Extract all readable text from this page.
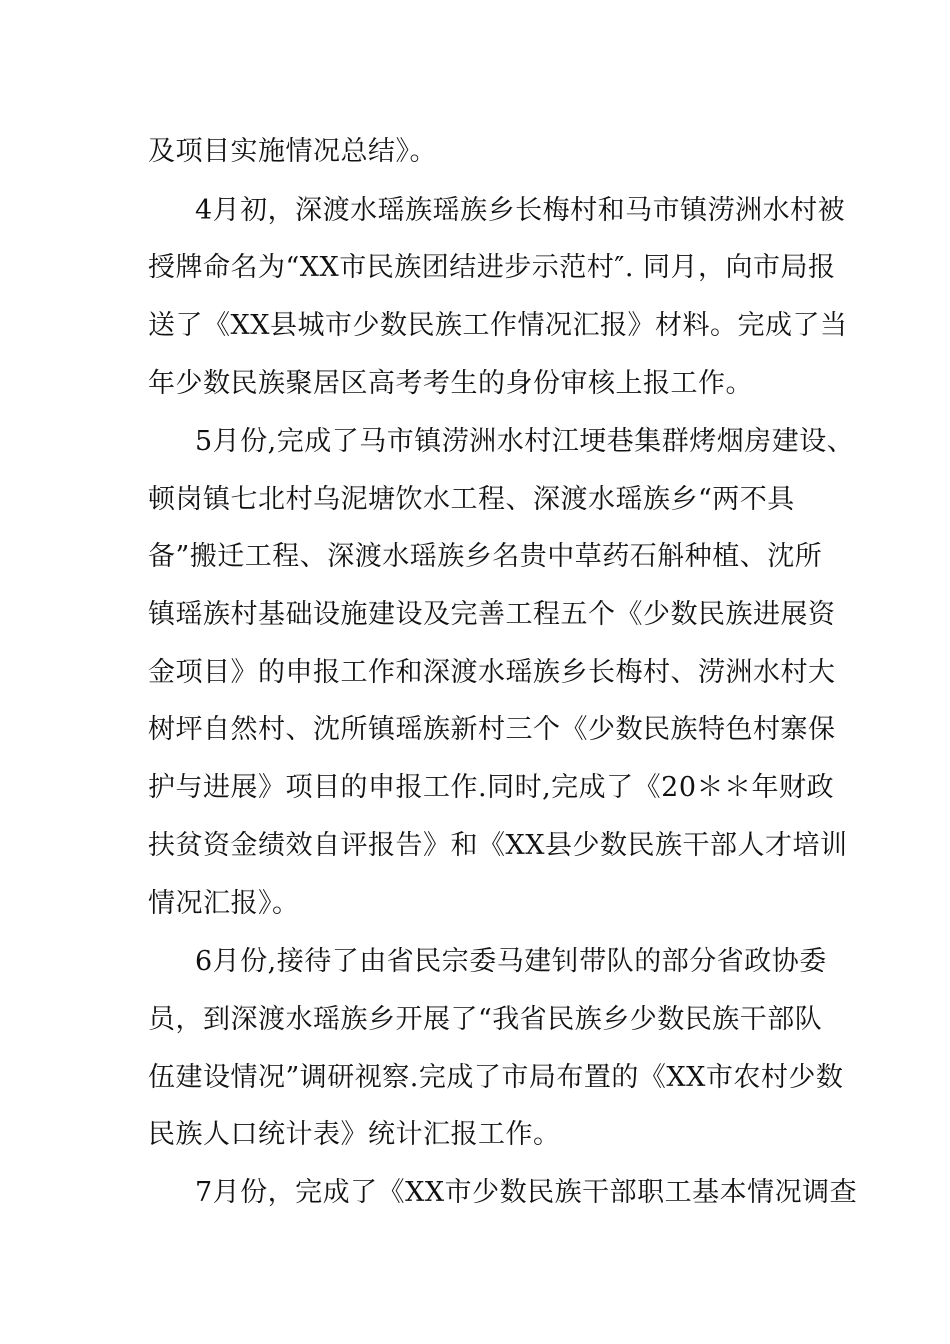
及项目实施情况总结》。
4月初，深渡水瑶族瑶族乡长梅村和马市镇涝洲水村被
授牌命名为“XX市民族团结进步示范村″. 同月，向市局报
送了《XX县城市少数民族工作情况汇报》材料。完成了当
年少数民族聚居区高考考生的身份审核上报工作。
5月份,完成了马市镇涝洲水村江埂巷集群烤烟房建设、
顿岗镇七北村乌泥塘饮水工程、深渡水瑶族乡“两不具
备”搬迁工程、深渡水瑶族乡名贵中草药石斛种植、沈所
镇瑶族村基础设施建设及完善工程五个《少数民族进展资
金项目》的申报工作和深渡水瑶族乡长梅村、涝洲水村大
树坪自然村、沈所镇瑶族新村三个《少数民族特色村寨保
护与进展》项目的申报工作.同时,完成了《20＊＊年财政
扶贫资金绩效自评报告》和《XX县少数民族干部人才培训
情况汇报》。
6月份,接待了由省民宗委马建钊带队的部分省政协委
员，到深渡水瑶族乡开展了“我省民族乡少数民族干部队
伍建设情况”调研视察.完成了市局布置的《XX市农村少数
民族人口统计表》统计汇报工作。
7月份，完成了《XX市少数民族干部职工基本情况调查
